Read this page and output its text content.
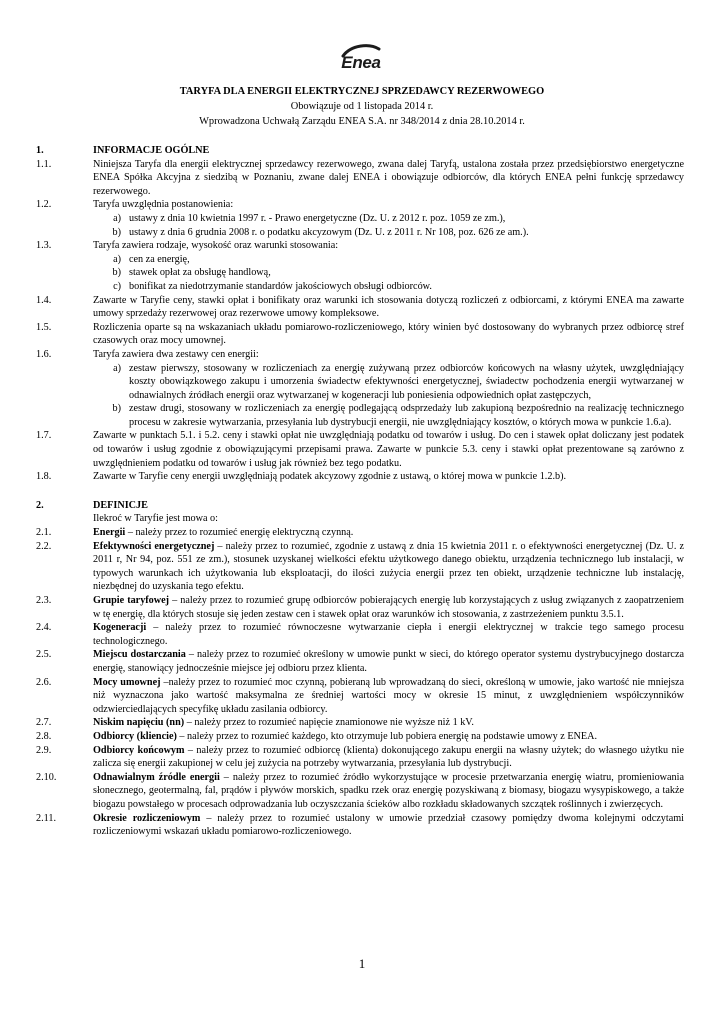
Enea
TARYFA DLA ENERGII ELEKTRYCZNEJ SPRZEDAWCY REZERWOWEGO
Obowiązuje od 1 listopada 2014 r.
Wprowadzona Uchwałą Zarządu ENEA S.A. nr 348/2014 z dnia 28.10.2014 r.
1.	INFORMACJE OGÓLNE
1.1.	Niniejsza Taryfa dla energii elektrycznej sprzedawcy rezerwowego, zwana dalej Taryfą, ustalona została przez przedsiębiorstwo energetyczne ENEA Spółka Akcyjna z siedzibą w Poznaniu, zwane dalej ENEA i obowiązuje odbiorców, dla których ENEA pełni funkcję sprzedawcy rezerwowego.
1.2.	Taryfa uwzględnia postanowienia:
a) ustawy z dnia 10 kwietnia 1997 r. - Prawo energetyczne (Dz. U. z 2012 r. poz. 1059 ze zm.),
b) ustawy z dnia 6 grudnia 2008 r. o podatku akcyzowym (Dz. U. z 2011 r. Nr 108, poz. 626 ze am.).
1.3.	Taryfa zawiera rodzaje, wysokość oraz warunki stosowania:
a) cen za energię,
b) stawek opłat za obsługę handlową,
c) bonifikat za niedotrzymanie standardów jakościowych obsługi odbiorców.
1.4.	Zawarte w Taryfie ceny, stawki opłat i bonifikaty oraz warunki ich stosowania dotyczą rozliczeń z odbiorcami, z którymi ENEA ma zawarte umowy sprzedaży rezerwowej oraz rezerwowe umowy kompleksowe.
1.5.	Rozliczenia oparte są na wskazaniach układu pomiarowo-rozliczeniowego, który winien być dostosowany do wybranych przez odbiorcę stref czasowych oraz mocy umownej.
1.6.	Taryfa zawiera dwa zestawy cen energii:
a) zestaw pierwszy, stosowany w rozliczeniach za energię zużywaną przez odbiorców końcowych na własny użytek, uwzględniający koszty obowiązkowego zakupu i umorzenia świadectw efektywności energetycznej, świadectw pochodzenia energii wytwarzanej w odnawialnych źródłach energii oraz wytwarzanej w kogeneracji lub poniesienia odpowiednich opłat zastępczych,
b) zestaw drugi, stosowany w rozliczeniach za energię podlegającą odsprzedaży lub zakupioną bezpośrednio na realizację technicznego procesu w zakresie wytwarzania, przesyłania lub dystrybucji energii, nie uwzględniający kosztów, o których mowa w punkcie 1.6.a).
1.7.	Zawarte w punktach 5.1. i 5.2. ceny i stawki opłat nie uwzględniają podatku od towarów i usług. Do cen i stawek opłat doliczany jest podatek od towarów i usług zgodnie z obowiązującymi przepisami prawa. Zawarte w punkcie 5.3. ceny i stawki opłat prezentowane są zarówno z uwzględnieniem podatku od towarów i usług jak również bez tego podatku.
1.8.	Zawarte w Taryfie ceny energii uwzględniają podatek akcyzowy zgodnie z ustawą, o której mowa w punkcie 1.2.b).
2.	DEFINICJE
Ilekroć w Taryfie jest mowa o:
2.1.	Energii – należy przez to rozumieć energię elektryczną czynną.
2.2.	Efektywności energetycznej – należy przez to rozumieć, zgodnie z ustawą z dnia 15 kwietnia 2011 r. o efektywności energetycznej (Dz. U. z 2011 r, Nr 94, poz. 551 ze zm.), stosunek uzyskanej wielkości efektu użytkowego danego obiektu, urządzenia technicznego lub instalacji, w typowych warunkach ich użytkowania lub eksploatacji, do ilości zużycia energii przez ten obiekt, urządzenie techniczne lub instalację, niezbędnej do uzyskania tego efektu.
2.3.	Grupie taryfowej – należy przez to rozumieć grupę odbiorców pobierających energię lub korzystających z usług związanych z zaopatrzeniem w tę energię, dla których stosuje się jeden zestaw cen i stawek opłat oraz warunków ich stosowania, z zastrzeżeniem punktu 3.5.1.
2.4.	Kogeneracji – należy przez to rozumieć równoczesne wytwarzanie ciepła i energii elektrycznej w trakcie tego samego procesu technologicznego.
2.5.	Miejscu dostarczania – należy przez to rozumieć określony w umowie punkt w sieci, do którego operator systemu dystrybucyjnego dostarcza energię, stanowiący jednocześnie miejsce jej odbioru przez klienta.
2.6.	Mocy umownej –należy przez to rozumieć moc czynną, pobieraną lub wprowadzaną do sieci, określoną w umowie, jako wartość nie mniejsza niż wyznaczona jako wartość maksymalna ze średniej wartości mocy w okresie 15 minut, z uwzględnieniem współczynników odzwierciedlających specyfikę układu zasilania odbiorcy.
2.7.	Niskim napięciu (nn) – należy przez to rozumieć napięcie znamionowe nie wyższe niż 1 kV.
2.8.	Odbiorcy (kliencie) – należy przez to rozumieć każdego, kto otrzymuje lub pobiera energię na podstawie umowy z ENEA.
2.9.	Odbiorcy końcowym – należy przez to rozumieć odbiorcę (klienta) dokonującego zakupu energii na własny użytek; do własnego użytku nie zalicza się energii zakupionej w celu jej zużycia na potrzeby wytwarzania, przesyłania lub dystrybucji.
2.10.	Odnawialnym źródle energii – należy przez to rozumieć źródło wykorzystujące w procesie przetwarzania energię wiatru, promieniowania słonecznego, geotermalną, fal, prądów i pływów morskich, spadku rzek oraz energię pozyskiwaną z biomasy, biogazu wysypiskowego, a także biogazu powstałego w procesach odprowadzania lub oczyszczania ścieków albo rozkładu składowanych szczątek roślinnych i zwierzęcych.
2.11.	Okresie rozliczeniowym – należy przez to rozumieć ustalony w umowie przedział czasowy pomiędzy dwoma kolejnymi odczytami rozliczeniowymi wskazań układu pomiarowo-rozliczeniowego.
1
